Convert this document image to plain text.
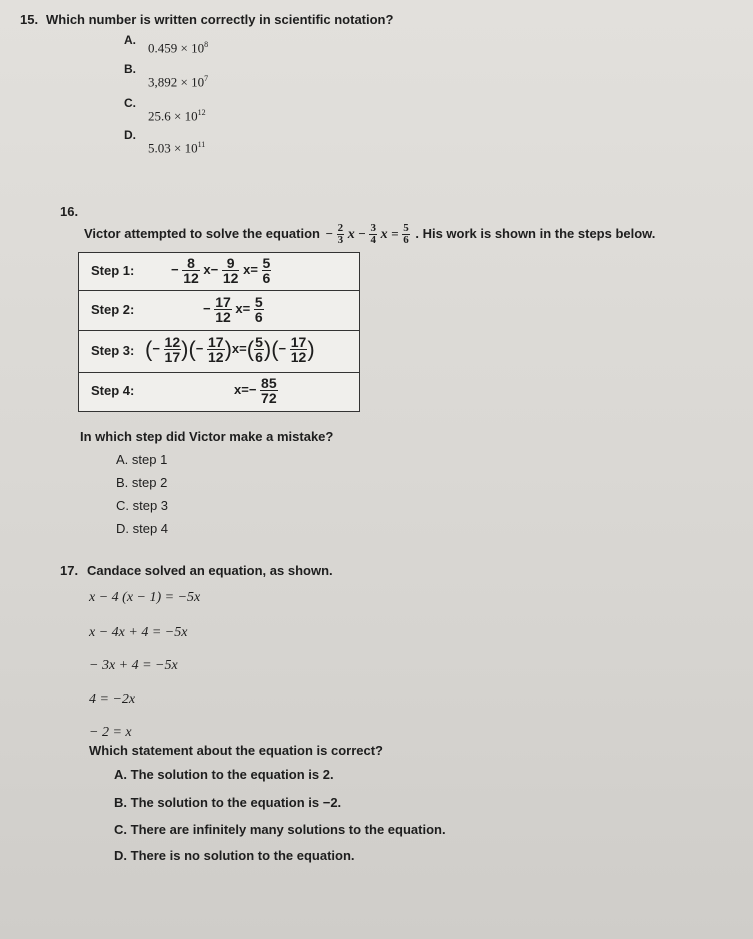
15. Which number is written correctly in scientific notation?
A.
$0.459 \times 10^8$
B.
$3,892 \times 10^7$
C.
$25.6 \times 10^{12}$
D.
$5.03 \times 10^{11}$
16.
Victor attempted to solve the equation − $\frac{2}{3}$ $x - \frac{3}{4}$ $x = \frac{5}{6}$ . His work is shown in the steps below.
Step 1:	− $\frac{8}{12} x- \frac{9}{12} x= \frac{5}{6}$
Step 2:	− $\frac{17}{12} x= \frac{5}{6}$
Step 3: (− $\frac{12}{17}$ )(− $\frac{17}{12} )x=( \frac{5}{6}$ )(− $\frac{17}{12}$ )
Step 4:	$x=- \frac{85}{72}$
In which step did Victor make a mistake?
A. step 1
B. step 2
C. step 3
D. step 4
17. Candace solved an equation, as shown.
x − 4 (x − 1) = −5x
x − 4x + 4 = −5x
− 3x + 4 = −5x
4 = −2x
− 2 = x
Which statement about the equation is correct?
A. The solution to the equation is 2.
B. The solution to the equation is −2.
C. There are infinitely many solutions to the equation.
D. There is no solution to the equation.
